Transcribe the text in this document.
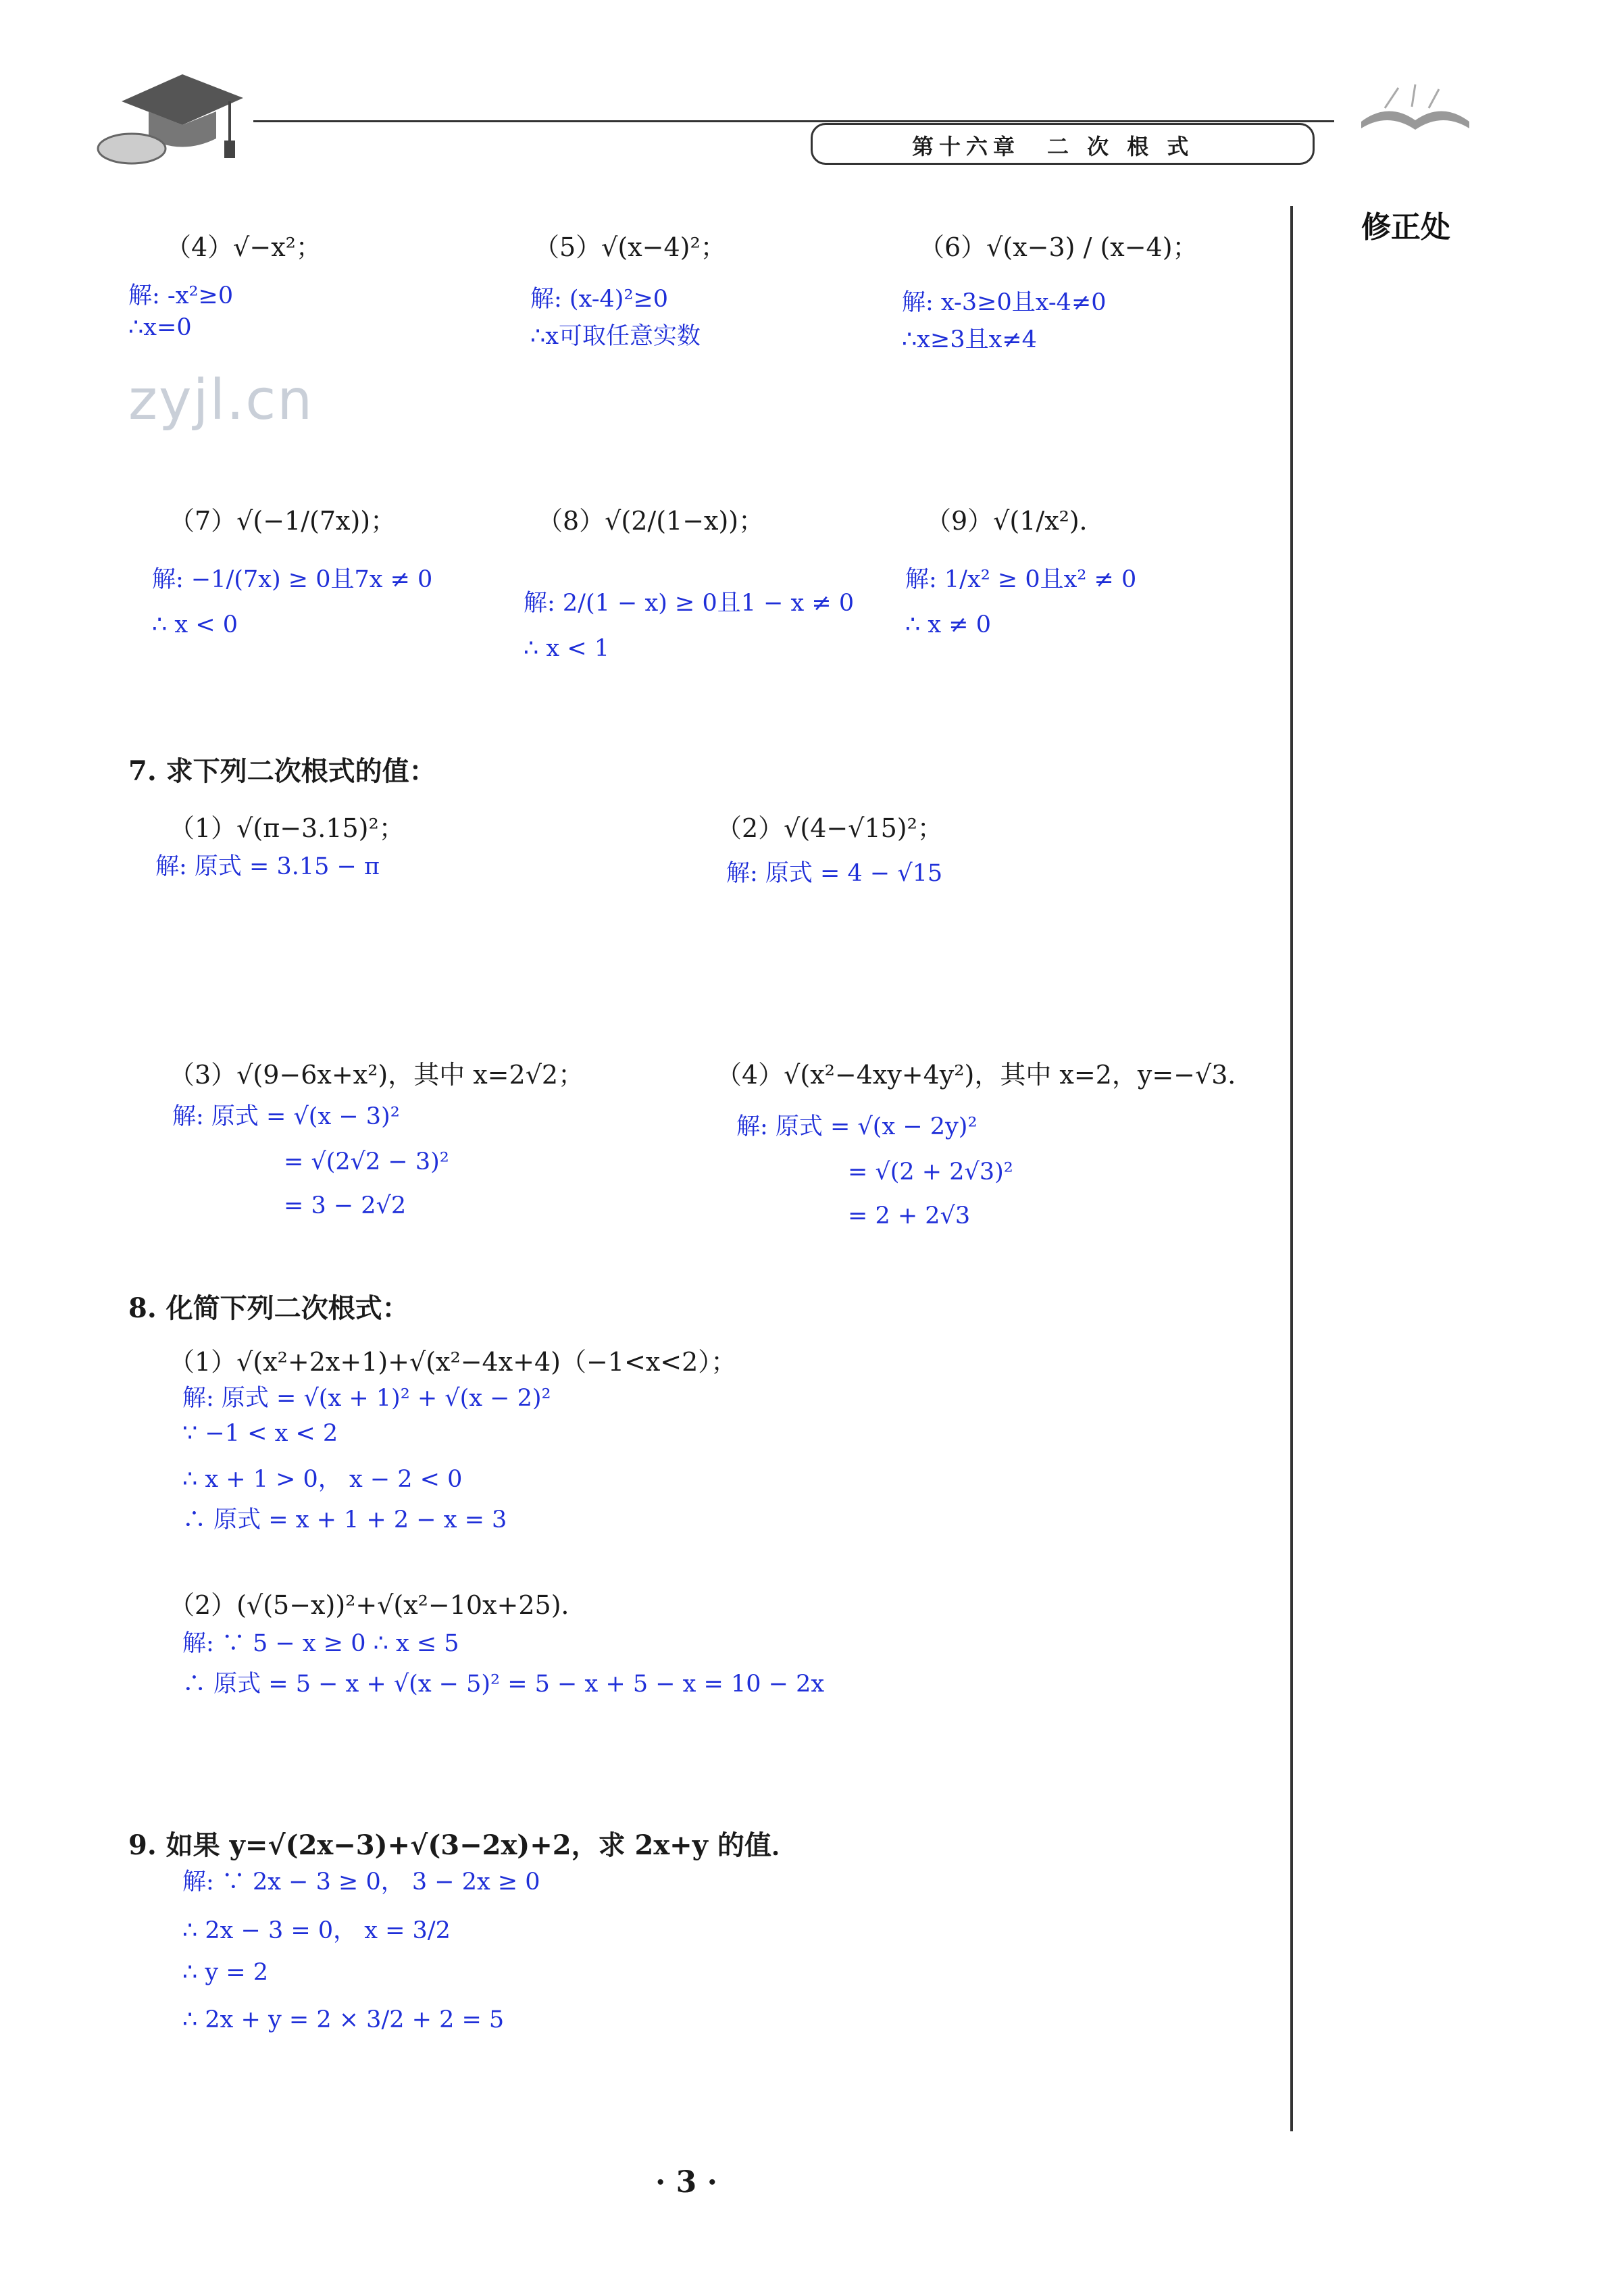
第十六章　二 次 根 式
修正处
zyjl.cn
（4）√−x²；
解: -x²≥0
∴x=0
（5）√(x−4)²；
解: (x-4)²≥0
∴x可取任意实数
（6）√(x−3) / (x−4)；
解: x-3≥0且x-4≠0
∴x≥3且x≠4
（7）√(−1/(7x))；
解: −1/(7x) ≥ 0且7x ≠ 0
∴ x < 0
（8）√(2/(1−x))；
解: 2/(1 − x) ≥ 0且1 − x ≠ 0
∴ x < 1
（9）√(1/x²)．
解: 1/x² ≥ 0且x² ≠ 0
∴ x ≠ 0
7. 求下列二次根式的值：
（1）√(π−3.15)²；
解: 原式 = 3.15 − π
（2）√(4−√15)²；
解: 原式 = 4 − √15
（3）√(9−6x+x²)，其中 x=2√2；
解: 原式 = √(x − 3)²
= √(2√2 − 3)²
= 3 − 2√2
（4）√(x²−4xy+4y²)，其中 x=2，y=−√3．
解: 原式 = √(x − 2y)²
= √(2 + 2√3)²
= 2 + 2√3
8. 化简下列二次根式：
（1）√(x²+2x+1)+√(x²−4x+4)（−1<x<2）；
解: 原式 = √(x + 1)² + √(x − 2)²
∵ −1 < x < 2
∴ x + 1 > 0， x − 2 < 0
∴ 原式 = x + 1 + 2 − x = 3
（2）(√(5−x))²+√(x²−10x+25)．
解: ∵ 5 − x ≥ 0 ∴ x ≤ 5
∴ 原式 = 5 − x + √(x − 5)² = 5 − x + 5 − x = 10 − 2x
9. 如果 y=√(2x−3)+√(3−2x)+2，求 2x+y 的值．
解: ∵ 2x − 3 ≥ 0， 3 − 2x ≥ 0
∴ 2x − 3 = 0， x = 3/2
∴ y = 2
∴ 2x + y = 2 × 3/2 + 2 = 5
· 3 ·
